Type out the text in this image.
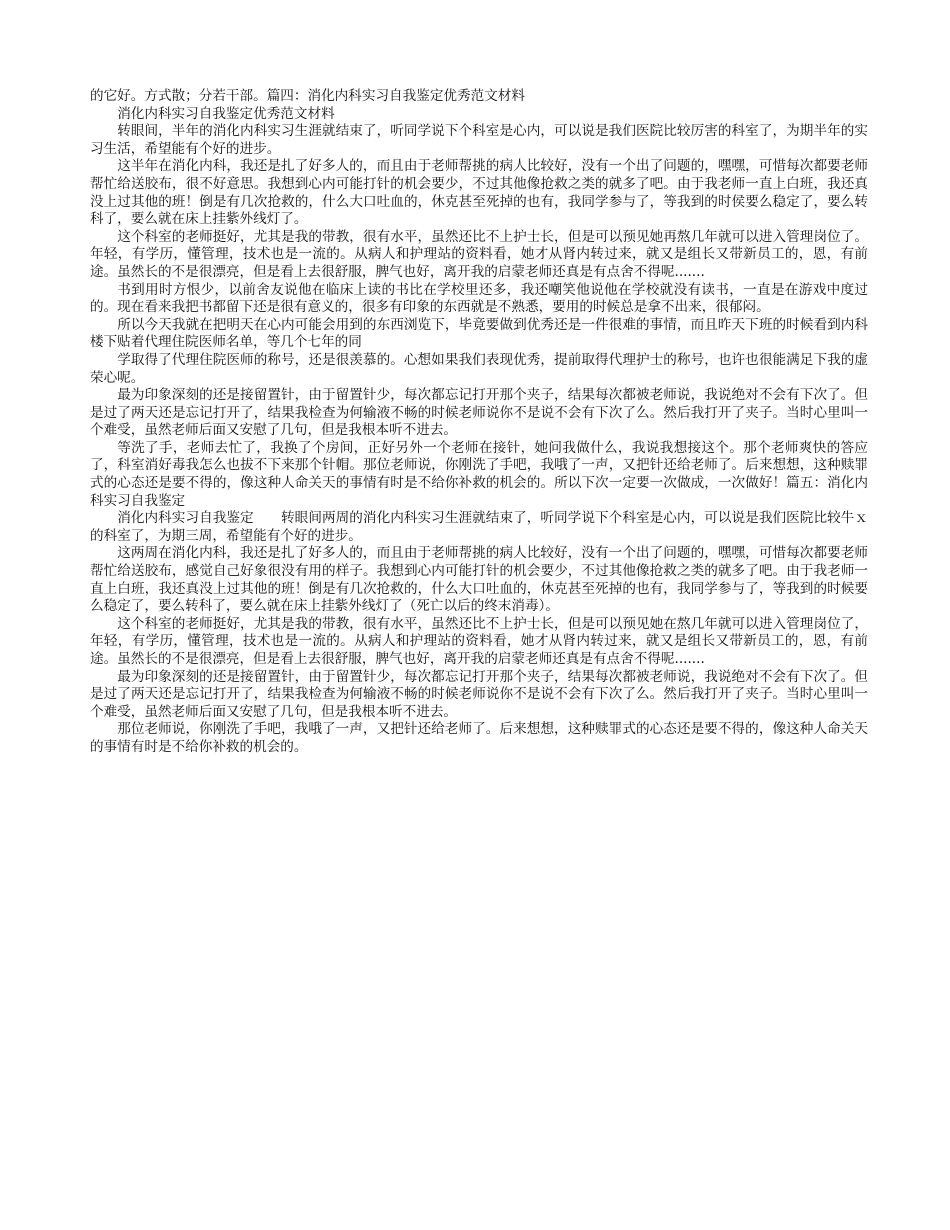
的它好。方式散；分若干部。篇四：消化内科实习自我鉴定优秀范文材料

消化内科实习自我鉴定优秀范文材料

转眼间，半年的消化内科实习生涯就结束了，听同学说下个科室是心内，可以说是我们医院比较厉害的科室了，为期半年的实习生活，希望能有个好的进步。

这半年在消化内科，我还是扎了好多人的，而且由于老师帮挑的病人比较好，没有一个出了问题的，嘿嘿，可惜每次都要老师帮忙给送胶布，很不好意思。我想到心内可能打针的机会要少，不过其他像抢救之类的就多了吧。由于我老师一直上白班，我还真没上过其他的班！倒是有几次抢救的，什么大口吐血的，休克甚至死掉的也有，我同学参与了，等我到的时侯要么稳定了，要么转科了，要么就在床上挂紫外线灯了。

这个科室的老师挺好，尤其是我的带教，很有水平，虽然还比不上护士长，但是可以预见她再熬几年就可以进入管理岗位了。年轻，有学历，懂管理，技术也是一流的。从病人和护理站的资料看，她才从肾内转过来，就又是组长又带新员工的，恩，有前途。虽然长的不是很漂亮，但是看上去很舒服，脾气也好，离开我的启蒙老师还真是有点舍不得呢.......

书到用时方恨少，以前舍友说他在临床上读的书比在学校里还多，我还嘲笑他说他在学校就没有读书，一直是在游戏中度过的。现在看来我把书都留下还是很有意义的，很多有印象的东西就是不熟悉，要用的时候总是拿不出来，很郁闷。

所以今天我就在把明天在心内可能会用到的东西浏览下，毕竟要做到优秀还是一件很难的事情，而且昨天下班的时候看到内科楼下贴着代理住院医师名单，等几个七年的同

学取得了代理住院医师的称号，还是很羡慕的。心想如果我们表现优秀，提前取得代理护士的称号，也许也很能满足下我的虚荣心呢。

最为印象深刻的还是接留置针，由于留置针少，每次都忘记打开那个夹子，结果每次都被老师说，我说绝对不会有下次了。但是过了两天还是忘记打开了，结果我检查为何输液不畅的时候老师说你不是说不会有下次了么。然后我打开了夹子。当时心里叫一个难受，虽然老师后面又安慰了几句，但是我根本听不进去。

等洗了手，老师去忙了，我换了个房间，正好另外一个老师在接针，她问我做什么，我说我想接这个。那个老师爽快的答应了，科室消好毒我怎么也拔不下来那个针帽。那位老师说，你刚洗了手吧，我哦了一声，又把针还给老师了。后来想想，这种赎罪式的心态还是要不得的，像这种人命关天的事情有时是不给你补救的机会的。所以下次一定要一次做成，一次做好！篇五：消化内科实习自我鉴定

消化内科实习自我鉴定　　转眼间两周的消化内科实习生涯就结束了，听同学说下个科室是心内，可以说是我们医院比较牛ｘ的科室了，为期三周，希望能有个好的进步。

这两周在消化内科，我还是扎了好多人的，而且由于老师帮挑的病人比较好，没有一个出了问题的，嘿嘿，可惜每次都要老师帮忙给送胶布，感觉自己好象很没有用的样子。我想到心内可能打针的机会要少，不过其他像抢救之类的就多了吧。由于我老师一直上白班，我还真没上过其他的班！倒是有几次抢救的，什么大口吐血的，休克甚至死掉的也有，我同学参与了，等我到的时候要么稳定了，要么转科了，要么就在床上挂紫外线灯了（死亡以后的终末消毒）。

这个科室的老师挺好，尤其是我的带教，很有水平，虽然还比不上护士长，但是可以预见她在熬几年就可以进入管理岗位了，年轻，有学历，懂管理，技术也是一流的。从病人和护理站的资料看，她才从肾内转过来，就又是组长又带新员工的，恩，有前途。虽然长的不是很漂亮，但是看上去很舒服，脾气也好，离开我的启蒙老师还真是有点舍不得呢.......

最为印象深刻的还是接留置针，由于留置针少，每次都忘记打开那个夹子，结果每次都被老师说，我说绝对不会有下次了。但是过了两天还是忘记打开了，结果我检查为何输液不畅的时候老师说你不是说不会有下次了么。然后我打开了夹子。当时心里叫一个难受，虽然老师后面又安慰了几句，但是我根本听不进去。

那位老师说，你刚洗了手吧，我哦了一声，又把针还给老师了。后来想想，这种赎罪式的心态还是要不得的，像这种人命关天的事情有时是不给你补救的机会的。
